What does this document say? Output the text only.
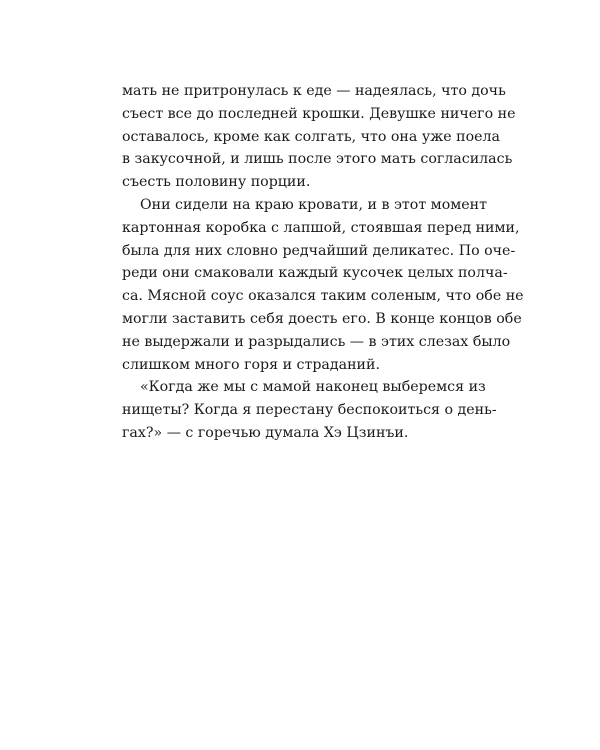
мать не притронулась к еде — надеялась, что дочь
съест все до последней крошки. Девушке ничего не
оставалось, кроме как солгать, что она уже поела
в закусочной, и лишь после этого мать согласилась
съесть половину порции.
Они сидели на краю кровати, и в этот момент
картонная коробка с лапшой, стоявшая перед ними,
была для них словно редчайший деликатес. По оче-
реди они смаковали каждый кусочек целых полча-
са. Мясной соус оказался таким соленым, что обе не
могли заставить себя доесть его. В конце концов обе
не выдержали и разрыдались — в этих слезах было
слишком много горя и страданий.
«Когда же мы с мамой наконец выберемся из
нищеты? Когда я перестану беспокоиться о день-
гах?» — с горечью думала Хэ Цзинъи.
